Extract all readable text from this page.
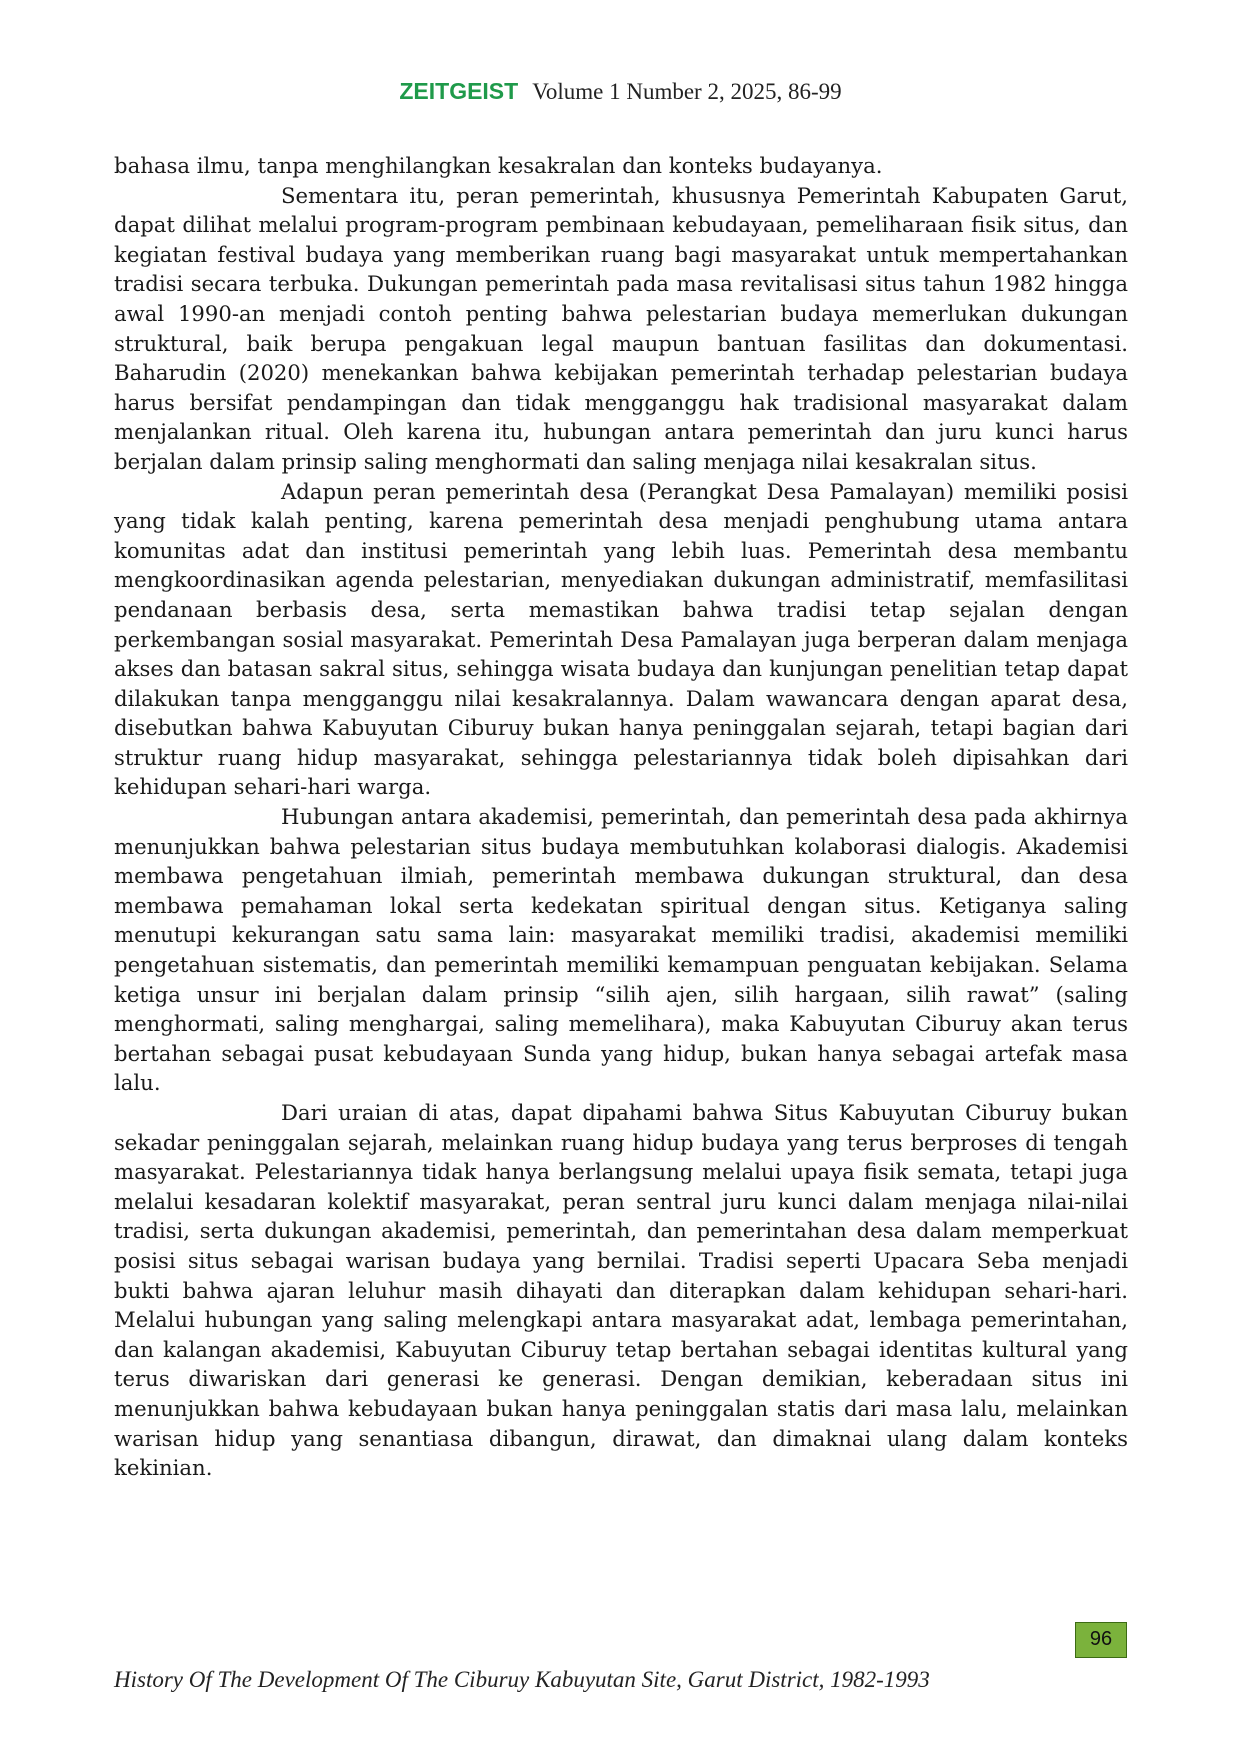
ZEITGEIST Volume 1 Number 2, 2025, 86-99

bahasa ilmu, tanpa menghilangkan kesakralan dan konteks budayanya.

Sementara itu, peran pemerintah, khususnya Pemerintah Kabupaten Garut, dapat dilihat melalui program-program pembinaan kebudayaan, pemeliharaan fisik situs, dan kegiatan festival budaya yang memberikan ruang bagi masyarakat untuk mempertahankan tradisi secara terbuka. Dukungan pemerintah pada masa revitalisasi situs tahun 1982 hingga awal 1990-an menjadi contoh penting bahwa pelestarian budaya memerlukan dukungan struktural, baik berupa pengakuan legal maupun bantuan fasilitas dan dokumentasi. Baharudin (2020) menekankan bahwa kebijakan pemerintah terhadap pelestarian budaya harus bersifat pendampingan dan tidak mengganggu hak tradisional masyarakat dalam menjalankan ritual. Oleh karena itu, hubungan antara pemerintah dan juru kunci harus berjalan dalam prinsip saling menghormati dan saling menjaga nilai kesakralan situs.

Adapun peran pemerintah desa (Perangkat Desa Pamalayan) memiliki posisi yang tidak kalah penting, karena pemerintah desa menjadi penghubung utama antara komunitas adat dan institusi pemerintah yang lebih luas. Pemerintah desa membantu mengkoordinasikan agenda pelestarian, menyediakan dukungan administratif, memfasilitasi pendanaan berbasis desa, serta memastikan bahwa tradisi tetap sejalan dengan perkembangan sosial masyarakat. Pemerintah Desa Pamalayan juga berperan dalam menjaga akses dan batasan sakral situs, sehingga wisata budaya dan kunjungan penelitian tetap dapat dilakukan tanpa mengganggu nilai kesakralannya. Dalam wawancara dengan aparat desa, disebutkan bahwa Kabuyutan Ciburuy bukan hanya peninggalan sejarah, tetapi bagian dari struktur ruang hidup masyarakat, sehingga pelestariannya tidak boleh dipisahkan dari kehidupan sehari-hari warga.

Hubungan antara akademisi, pemerintah, dan pemerintah desa pada akhirnya menunjukkan bahwa pelestarian situs budaya membutuhkan kolaborasi dialogis. Akademisi membawa pengetahuan ilmiah, pemerintah membawa dukungan struktural, dan desa membawa pemahaman lokal serta kedekatan spiritual dengan situs. Ketiganya saling menutupi kekurangan satu sama lain: masyarakat memiliki tradisi, akademisi memiliki pengetahuan sistematis, dan pemerintah memiliki kemampuan penguatan kebijakan. Selama ketiga unsur ini berjalan dalam prinsip “silih ajen, silih hargaan, silih rawat” (saling menghormati, saling menghargai, saling memelihara), maka Kabuyutan Ciburuy akan terus bertahan sebagai pusat kebudayaan Sunda yang hidup, bukan hanya sebagai artefak masa lalu.

Dari uraian di atas, dapat dipahami bahwa Situs Kabuyutan Ciburuy bukan sekadar peninggalan sejarah, melainkan ruang hidup budaya yang terus berproses di tengah masyarakat. Pelestariannya tidak hanya berlangsung melalui upaya fisik semata, tetapi juga melalui kesadaran kolektif masyarakat, peran sentral juru kunci dalam menjaga nilai-nilai tradisi, serta dukungan akademisi, pemerintah, dan pemerintahan desa dalam memperkuat posisi situs sebagai warisan budaya yang bernilai. Tradisi seperti Upacara Seba menjadi bukti bahwa ajaran leluhur masih dihayati dan diterapkan dalam kehidupan sehari-hari. Melalui hubungan yang saling melengkapi antara masyarakat adat, lembaga pemerintahan, dan kalangan akademisi, Kabuyutan Ciburuy tetap bertahan sebagai identitas kultural yang terus diwariskan dari generasi ke generasi. Dengan demikian, keberadaan situs ini menunjukkan bahwa kebudayaan bukan hanya peninggalan statis dari masa lalu, melainkan warisan hidup yang senantiasa dibangun, dirawat, dan dimaknai ulang dalam konteks kekinian.

96
History Of The Development Of The Ciburuy Kabuyutan Site, Garut District, 1982-1993
